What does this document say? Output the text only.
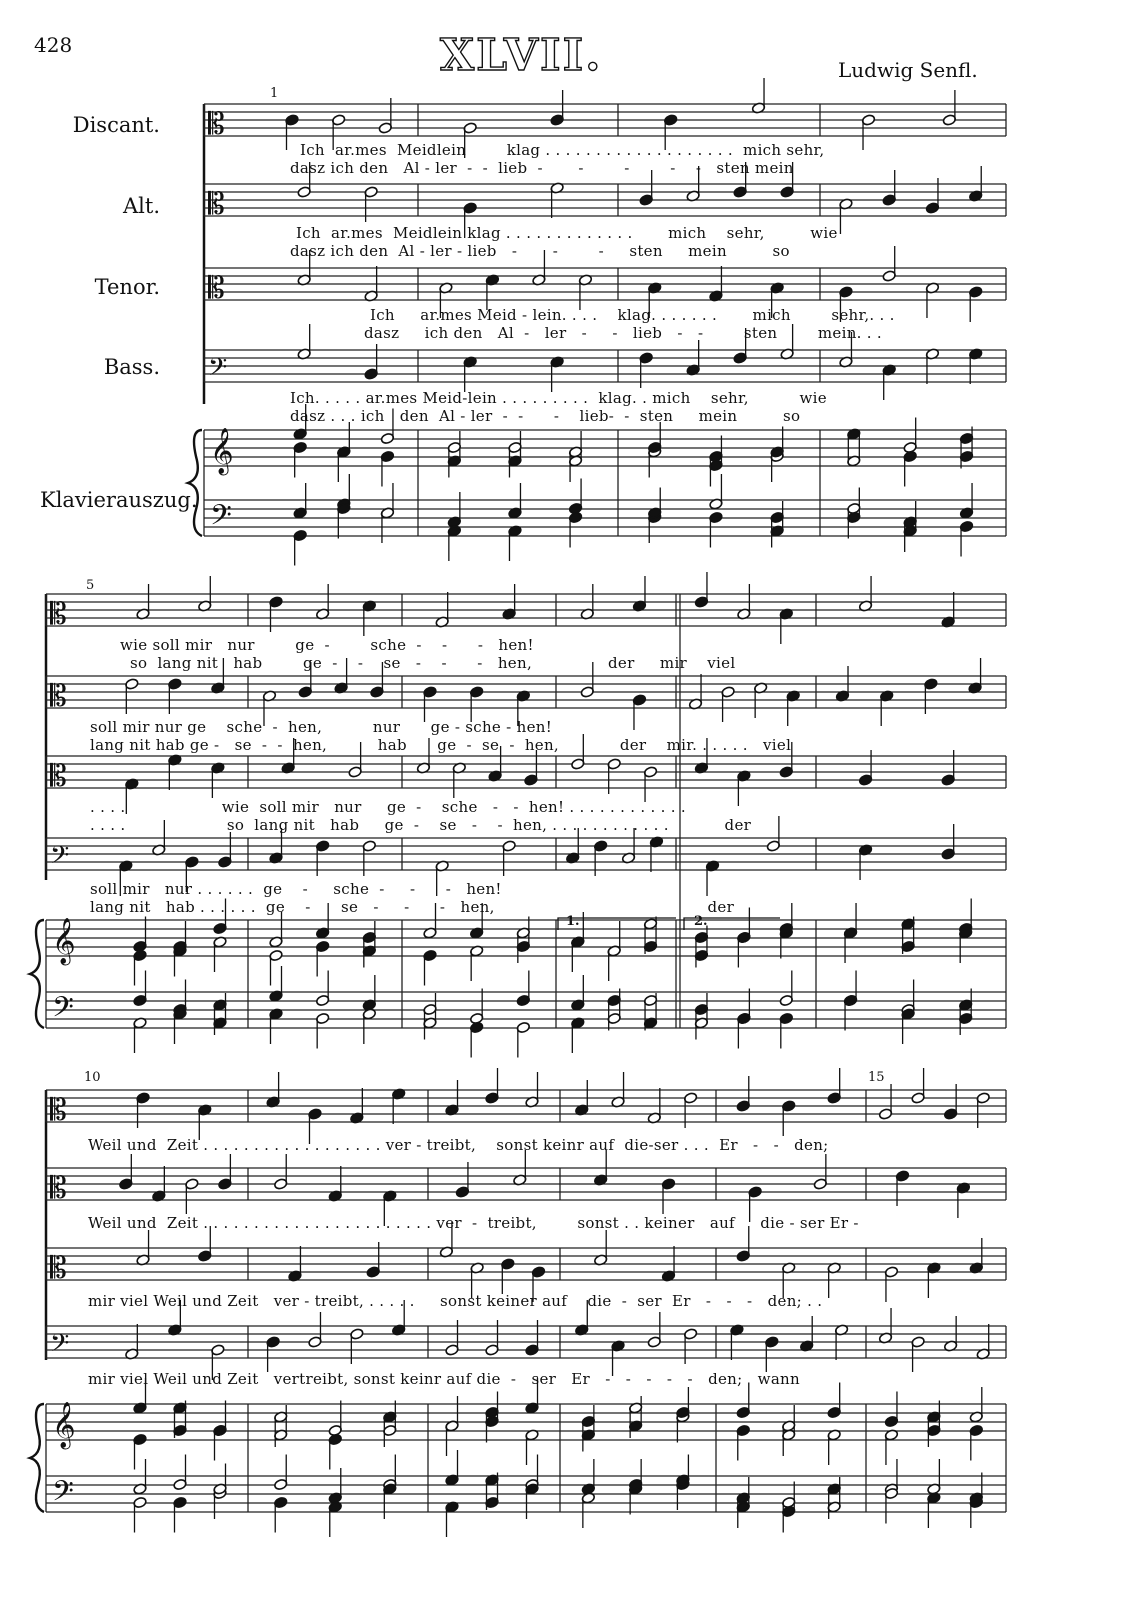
428	XLVII.	Ludwig Senfl.
Discant.
Alt.
Tenor.
Bass.
Klavierauszug.
1
5
10	15
1.	2.
Ich  ar.mes  Meidlein        klag . . . . . . . . . . . . . . . . . . .  mich sehr,
dasz ich den   Al - ler  -  -  lieb  -       -        -        -    -   sten mein
Ich  ar.mes  Meidlein klag . . . . . . . . . . . . .       mich    sehr,         wie
dasz ich den  Al - ler - lieb   -       -        -     sten     mein         so
Ich     ar.mes Meid - lein. . . .    klag. . . . . . .       mich        sehr,. . .
dasz     ich den   Al  -   ler   -     -   lieb   -   -        sten        mein. . .
Ich. . . . . ar.mes Meid-lein . . . . . . . . .  klag. . mich    sehr,          wie
dasz . . . ich   den  Al - ler  -  -      -    lieb-  -  sten     mein         so
wie soll mir   nur        ge  -        sche  -    -      -   hen!
so  lang nit   hab        ge  -    -    se   -    -      -   hen,               der     mir    viel
soll mir nur ge    sche  -  hen,          nur      ge - sche - hen!
lang nit hab ge -   se  -  -  hen,          hab      ge  -  se  -  hen,            der    mir. . . . . .   viel
. . . .                   wie  soll mir   nur     ge  -    sche   -   -  hen! . . . . . . . . . . . .
. . . .                    so  lang nit   hab     ge  -    se   -    -  hen, . . . . . . . . . . . .           der
soll mir   nur . . . . . .  ge    -     sche  -     -      -   hen!
lang nit   hab . . . . . .  ge    -      se   -     -      -   hen,                                          der
Weil und  Zeit . . . . . . . . . . . . . . . . . . ver - treibt,    sonst keinr auf  die-ser . . .  Er   -   -   den;
Weil und  Zeit . . . . . . . . . . . . . . . . . . . . . . . ver  -  treibt,        sonst . . keiner   auf     die - ser Er -
mir viel Weil und Zeit   ver - treibt, . . . . .     sonst keiner auf    die  -  ser  Er   -   -   -   den; . .
mir viel Weil und Zeit   vertreibt, sonst keinr auf die  -   ser   Er   -   -   -   -   -   den;   wann
𝄡
𝄡
𝄡
𝄢
𝄞
𝄢
𝄡
𝄡
𝄡
𝄢
𝄞
𝄢
𝄡
𝄡
𝄡
𝄢
𝄞
𝄢
